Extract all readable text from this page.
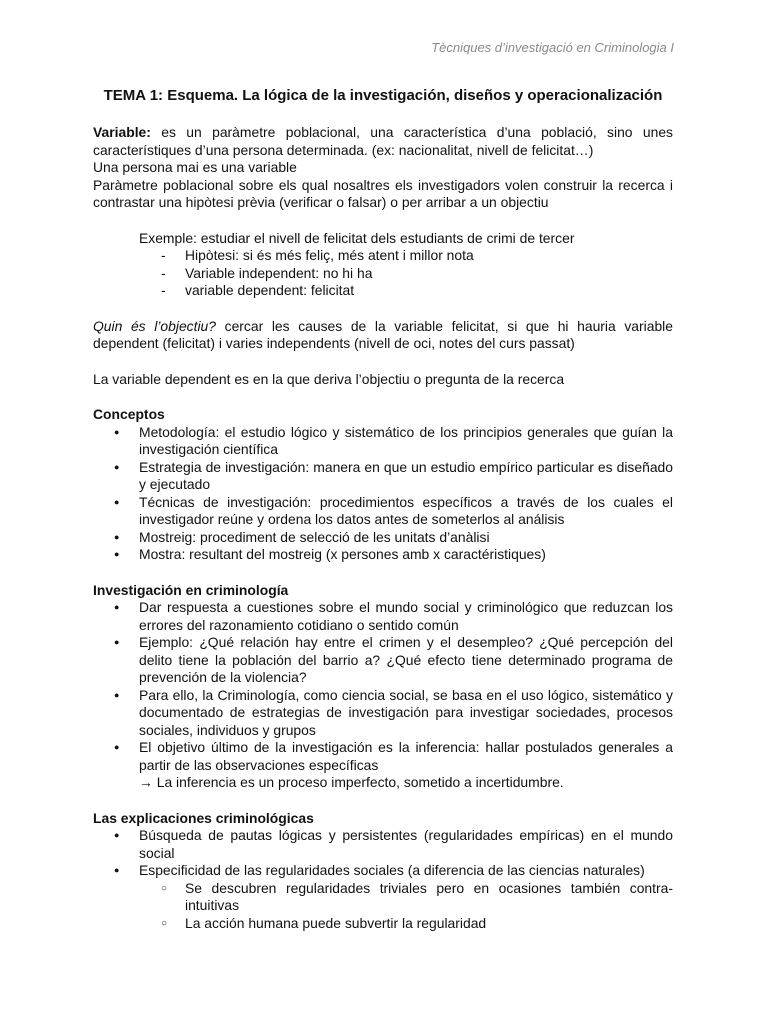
Tècniques d’investigació en Criminologia I

TEMA 1: Esquema. La lógica de la investigación, diseños y operacionalización

Variable: es un paràmetre poblacional, una característica d’una població, sino unes característiques d’una persona determinada. (ex: nacionalitat, nivell de felicitat…)

Una persona mai es una variable

Paràmetre poblacional sobre els qual nosaltres els investigadors volen construir la recerca i contrastar una hipòtesi prèvia (verificar o falsar) o per arribar a un objectiu

Exemple: estudiar el nivell de felicitat dels estudiants de crimi de tercer

- Hipòtesi: si és més feliç, més atent i millor nota
- Variable independent: no hi ha
- variable dependent: felicitat

Quin és l’objectiu? cercar les causes de la variable felicitat, si que hi hauria variable dependent (felicitat) i varies independents (nivell de oci, notes del curs passat)

La variable dependent es en la que deriva l’objectiu o pregunta de la recerca

Conceptos

● Metodología: el estudio lógico y sistemático de los principios generales que guían la investigación científica
● Estrategia de investigación: manera en que un estudio empírico particular es diseñado y ejecutado
● Técnicas de investigación: procedimientos específicos a través de los cuales el investigador reúne y ordena los datos antes de someterlos al análisis
● Mostreig: procediment de selecció de les unitats d’anàlisi
● Mostra: resultant del mostreig (x persones amb x caractéristiques)

Investigación en criminología

● Dar respuesta a cuestiones sobre el mundo social y criminológico que reduzcan los errores del razonamiento cotidiano o sentido común
● Ejemplo: ¿Qué relación hay entre el crimen y el desempleo? ¿Qué percepción del delito tiene la población del barrio a? ¿Qué efecto tiene determinado programa de prevención de la violencia?
● Para ello, la Criminología, como ciencia social, se basa en el uso lógico, sistemático y documentado de estrategias de investigación para investigar sociedades, procesos sociales, individuos y grupos
● El objetivo último de la investigación es la inferencia: hallar postulados generales a partir de las observaciones específicas
→ La inferencia es un proceso imperfecto, sometido a incertidumbre.

Las explicaciones criminológicas

● Búsqueda de pautas lógicas y persistentes (regularidades empíricas) en el mundo social
● Especificidad de las regularidades sociales (a diferencia de las ciencias naturales)
○ Se descubren regularidades triviales pero en ocasiones también contra-intuitivas
○ La acción humana puede subvertir la regularidad
